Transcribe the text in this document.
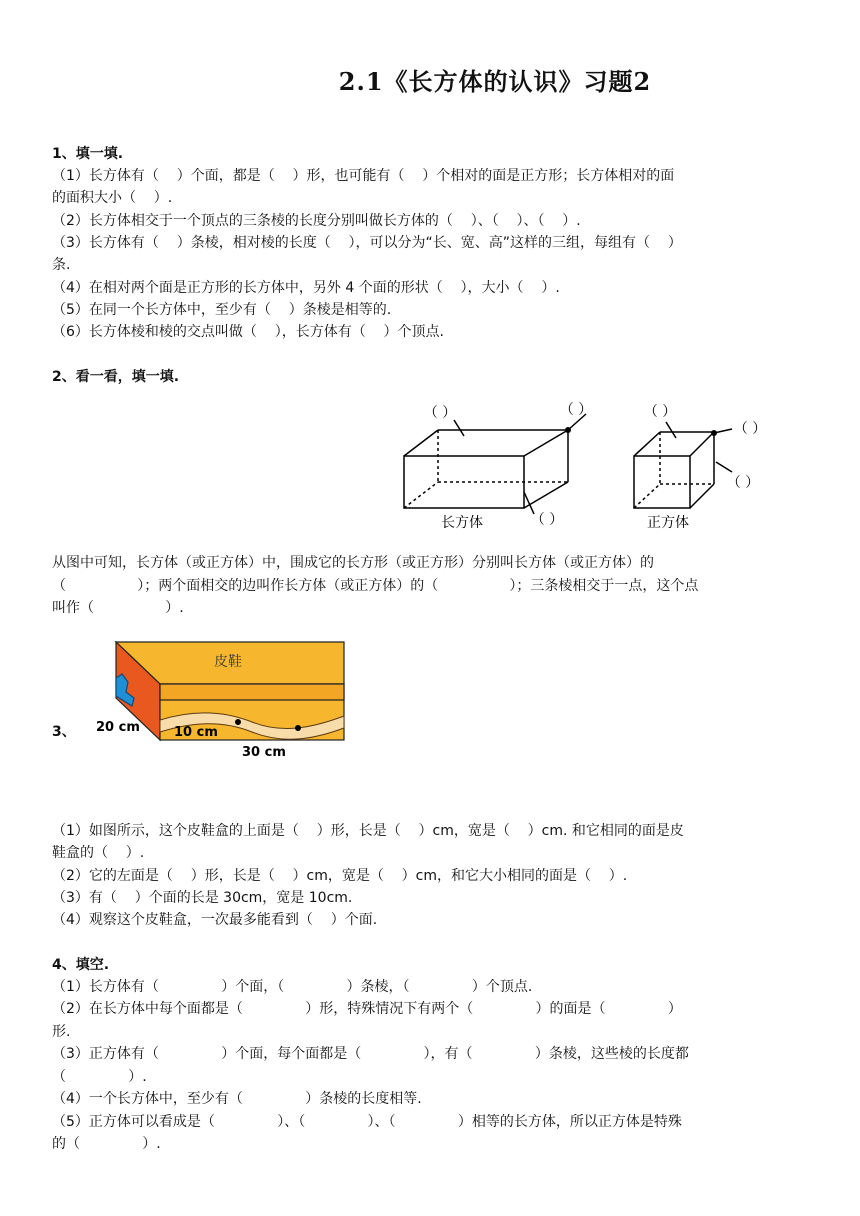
2.1《长方体的认识》习题2
1、填一填.
（1）长方体有（    ）个面，都是（    ）形，也可能有（    ）个相对的面是正方形；长方体相对的面
的面积大小（    ）.
（2）长方体相交于一个顶点的三条棱的长度分别叫做长方体的（    ）、（    ）、（    ）.
（3）长方体有（    ）条棱，相对棱的长度（    ），可以分为“长、宽、高”这样的三组，每组有（    ）
条.
（4）在相对两个面是正方形的长方体中，另外 4 个面的形状（    ），大小（    ）.
（5）在同一个长方体中，至少有（    ）条棱是相等的.
（6）长方体棱和棱的交点叫做（    ），长方体有（    ）个顶点.
2、看一看，填一填.
（ ）	（ ）
（ ）
长方体
（ ）
（ ）
（ ）
正方体
从图中可知，长方体（或正方体）中，围成它的长方形（或正方形）分别叫长方体（或正方体）的
（                ）；两个面相交的边叫作长方体（或正方体）的（                ）；三条棱相交于一点，这个点
叫作（                ）.
3、
皮鞋
20 cm	10 cm
30 cm
（1）如图所示，这个皮鞋盒的上面是（    ）形，长是（    ）cm，宽是（    ）cm. 和它相同的面是皮
鞋盒的（    ）.
（2）它的左面是（    ）形，长是（    ）cm，宽是（    ）cm，和它大小相同的面是（    ）.
（3）有（    ）个面的长是 30cm，宽是 10cm.
（4）观察这个皮鞋盒，一次最多能看到（    ）个面.
4、填空.
（1）长方体有（              ）个面，（              ）条棱，（              ）个顶点.
（2）在长方体中每个面都是（              ）形，特殊情况下有两个（              ）的面是（              ）
形.
（3）正方体有（              ）个面，每个面都是（              ），有（              ）条棱，这些棱的长度都
（              ）.
（4）一个长方体中，至少有（              ）条棱的长度相等.
（5）正方体可以看成是（              ）、（              ）、（              ）相等的长方体，所以正方体是特殊
的（              ）.
